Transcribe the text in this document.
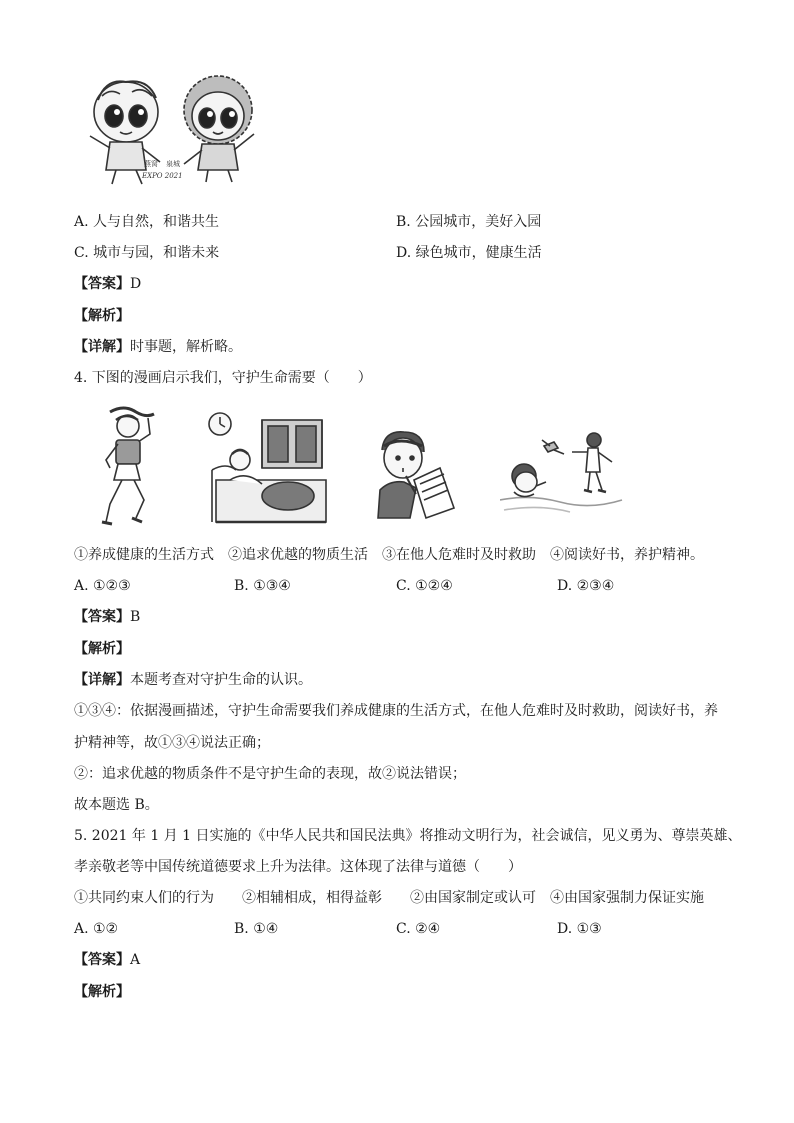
燕窝 泉城
EXPO 2021
A. 人与自然，和谐共生	B. 公园城市，美好入园
C. 城市与园，和谐未来	D. 绿色城市，健康生活
【答案】D
【解析】
【详解】时事题，解析略。
4. 下图的漫画启示我们，守护生命需要（　　）
①养成健康的生活方式　②追求优越的物质生活　③在他人危难时及时救助　④阅读好书，养护精神。
A. ①②③	B. ①③④	C. ①②④	D. ②③④
【答案】B
【解析】
【详解】本题考查对守护生命的认识。
①③④：依据漫画描述，守护生命需要我们养成健康的生活方式，在他人危难时及时救助，阅读好书，养
护精神等，故①③④说法正确；
②：追求优越的物质条件不是守护生命的表现，故②说法错误；
故本题选 B。
5. 2021 年 1 月 1 日实施的《中华人民共和国民法典》将推动文明行为，社会诚信，见义勇为、尊崇英雄、
孝亲敬老等中国传统道德要求上升为法律。这体现了法律与道德（　　）
①共同约束人们的行为　　②相辅相成，相得益彰　　②由国家制定或认可　④由国家强制力保证实施
A. ①②	B. ①④	C. ②④	D. ①③
【答案】A
【解析】
